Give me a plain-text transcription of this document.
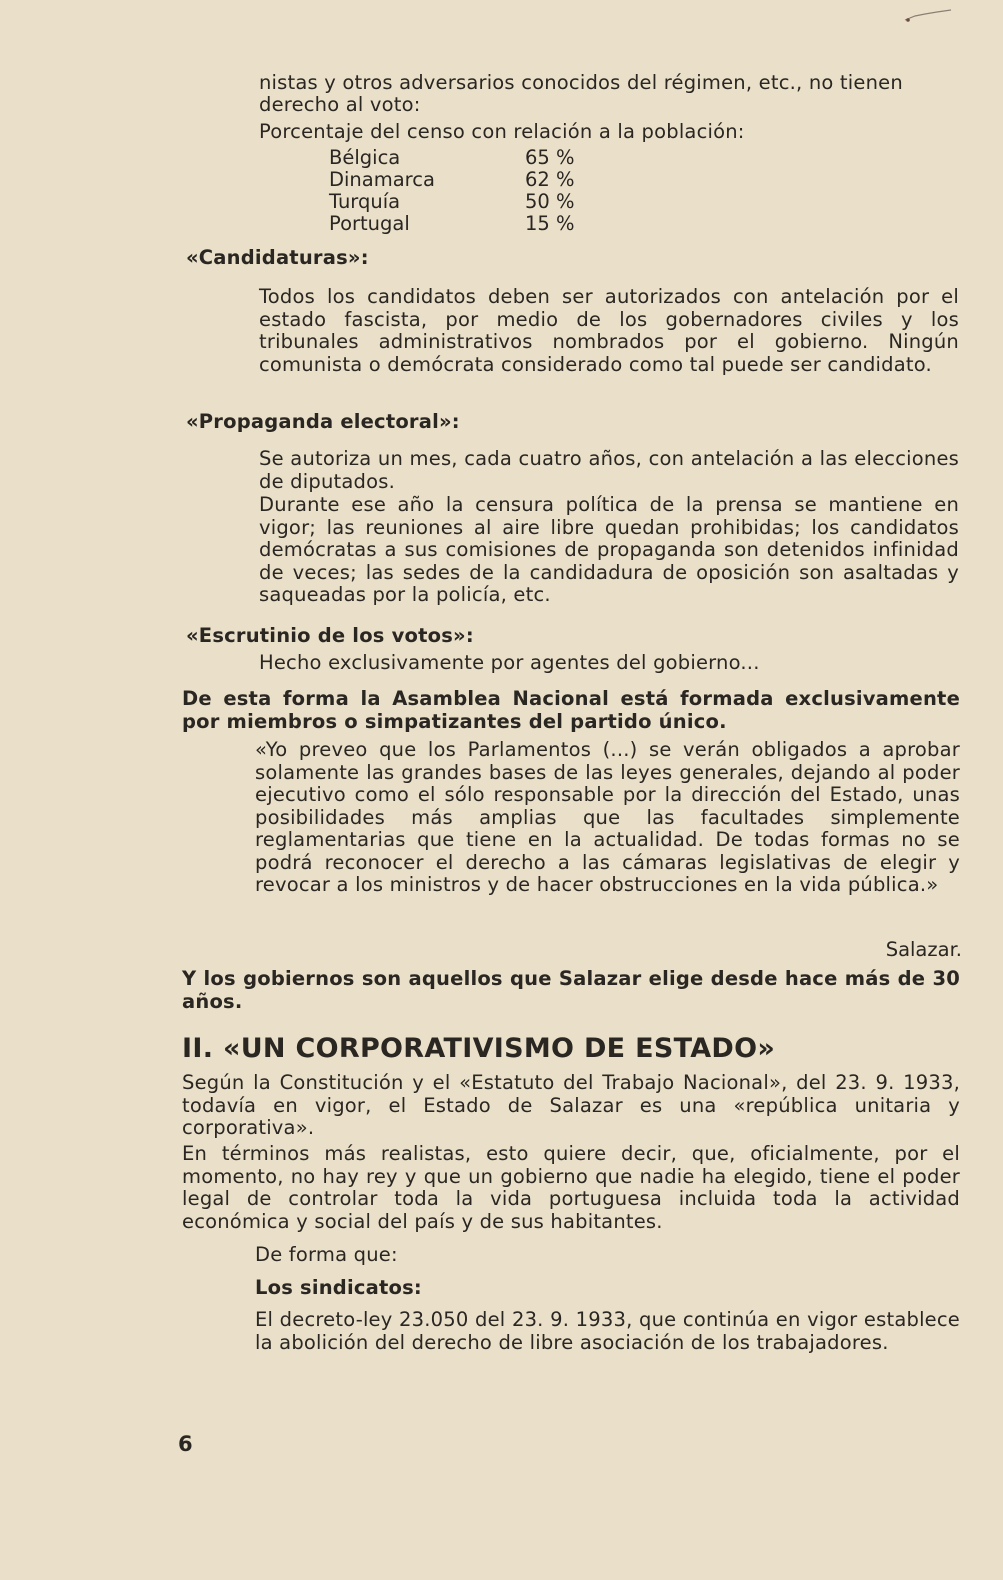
nistas y otros adversarios conocidos del régimen, etc., no tienen
derecho al voto:
Porcentaje del censo con relación a la población:
Bélgica	65 %
Dinamarca	62 %
Turquía	50 %
Portugal	15 %
«Candidaturas»:
Todos los candidatos deben ser autorizados con antelación por el estado fascista, por medio de los gobernadores civiles y los tribunales administrativos nombrados por el gobierno. Ningún comunista o demócrata considerado como tal puede ser candidato.
«Propaganda electoral»:
Se autoriza un mes, cada cuatro años, con antelación a las elecciones de diputados.
Durante ese año la censura política de la prensa se mantiene en vigor; las reuniones al aire libre quedan prohibidas; los candidatos demócratas a sus comisiones de propaganda son detenidos infinidad de veces; las sedes de la candidadura de oposición son asaltadas y saqueadas por la policía, etc.
«Escrutinio de los votos»:
Hecho exclusivamente por agentes del gobierno...
De esta forma la Asamblea Nacional está formada exclusivamente por miembros o simpatizantes del partido único.
«Yo preveo que los Parlamentos (...) se verán obligados a aprobar solamente las grandes bases de las leyes generales, dejando al poder ejecutivo como el sólo responsable por la dirección del Estado, unas posibilidades más amplias que las facultades simplemente reglamentarias que tiene en la actualidad. De todas formas no se podrá reconocer el derecho a las cámaras legislativas de elegir y revocar a los ministros y de hacer obstrucciones en la vida pública.»
Salazar.
Y los gobiernos son aquellos que Salazar elige desde hace más de 30 años.
II. «UN CORPORATIVISMO DE ESTADO»
Según la Constitución y el «Estatuto del Trabajo Nacional», del 23. 9. 1933, todavía en vigor, el Estado de Salazar es una «república unitaria y corporativa».
En términos más realistas, esto quiere decir, que, oficialmente, por el momento, no hay rey y que un gobierno que nadie ha elegido, tiene el poder legal de controlar toda la vida portuguesa incluida toda la actividad económica y social del país y de sus habitantes.
De forma que:
Los sindicatos:
El decreto-ley 23.050 del 23. 9. 1933, que continúa en vigor establece la abolición del derecho de libre asociación de los trabajadores.
6
